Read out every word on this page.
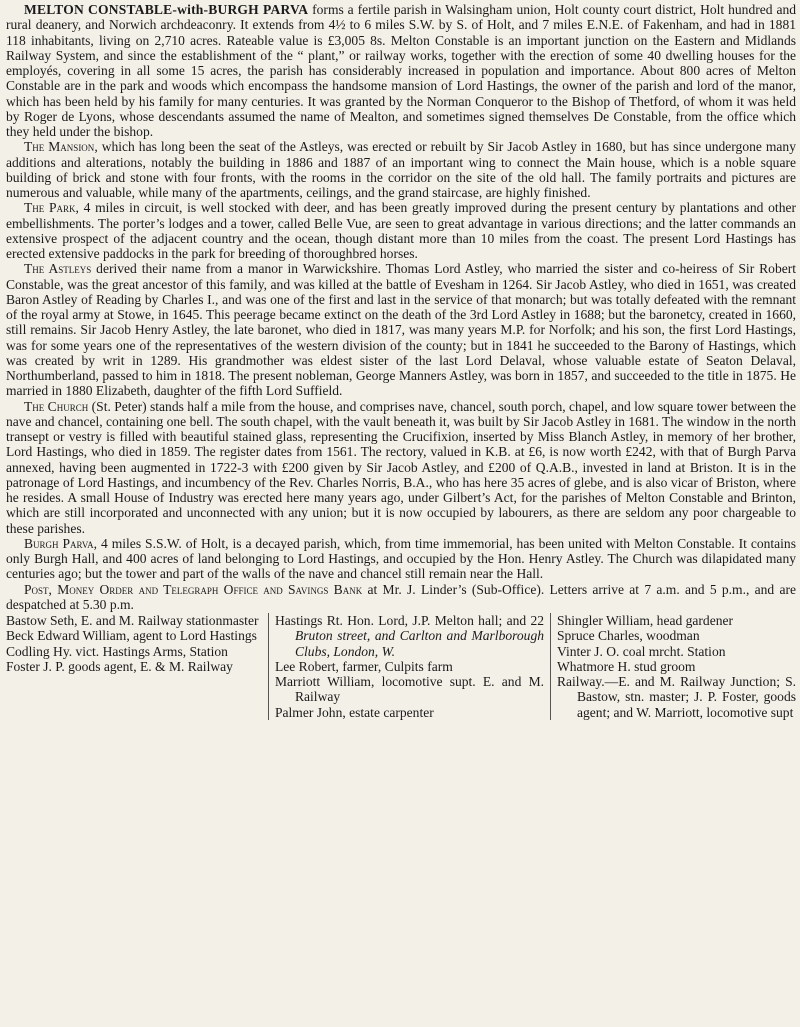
MELTON CONSTABLE-with-BURGH PARVA forms a fertile parish in Walsingham union, Holt county court district, Holt hundred and rural deanery, and Norwich archdeaconry. It extends from 4½ to 6 miles S.W. by S. of Holt, and 7 miles E.N.E. of Fakenham, and had in 1881 118 inhabitants, living on 2,710 acres. Rateable value is £3,005 8s. Melton Constable is an important junction on the Eastern and Midlands Railway System, and since the establishment of the “ plant,” or railway works, together with the erection of some 40 dwelling houses for the employés, covering in all some 15 acres, the parish has considerably increased in population and importance. About 800 acres of Melton Constable are in the park and woods which encompass the handsome mansion of Lord Hastings, the owner of the parish and lord of the manor, which has been held by his family for many centuries. It was granted by the Norman Conqueror to the Bishop of Thetford, of whom it was held by Roger de Lyons, whose descendants assumed the name of Mealton, and sometimes signed themselves De Constable, from the office which they held under the bishop.

The Mansion, which has long been the seat of the Astleys, was erected or rebuilt by Sir Jacob Astley in 1680, but has since undergone many additions and alterations, notably the building in 1886 and 1887 of an important wing to connect the Main house, which is a noble square building of brick and stone with four fronts, with the rooms in the corridor on the site of the old hall. The family portraits and pictures are numerous and valuable, while many of the apartments, ceilings, and the grand staircase, are highly finished.

The Park, 4 miles in circuit, is well stocked with deer, and has been greatly improved during the present century by plantations and other embellishments. The porter’s lodges and a tower, called Belle Vue, are seen to great advantage in various directions; and the latter commands an extensive prospect of the adjacent country and the ocean, though distant more than 10 miles from the coast. The present Lord Hastings has erected extensive paddocks in the park for breeding of thoroughbred horses.

The Astleys derived their name from a manor in Warwickshire. Thomas Lord Astley, who married the sister and co-heiress of Sir Robert Constable, was the great ancestor of this family, and was killed at the battle of Evesham in 1264. Sir Jacob Astley, who died in 1651, was created Baron Astley of Reading by Charles I., and was one of the first and last in the service of that monarch; but was totally defeated with the remnant of the royal army at Stowe, in 1645. This peerage became extinct on the death of the 3rd Lord Astley in 1688; but the baronetcy, created in 1660, still remains. Sir Jacob Henry Astley, the late baronet, who died in 1817, was many years M.P. for Norfolk; and his son, the first Lord Hastings, was for some years one of the representatives of the western division of the county; but in 1841 he succeeded to the Barony of Hastings, which was created by writ in 1289. His grandmother was eldest sister of the last Lord Delaval, whose valuable estate of Seaton Delaval, Northumberland, passed to him in 1818. The present nobleman, George Manners Astley, was born in 1857, and succeeded to the title in 1875. He married in 1880 Elizabeth, daughter of the fifth Lord Suffield.

The Church (St. Peter) stands half a mile from the house, and comprises nave, chancel, south porch, chapel, and low square tower between the nave and chancel, containing one bell. The south chapel, with the vault beneath it, was built by Sir Jacob Astley in 1681. The window in the north transept or vestry is filled with beautiful stained glass, representing the Crucifixion, inserted by Miss Blanch Astley, in memory of her brother, Lord Hastings, who died in 1859. The register dates from 1561. The rectory, valued in K.B. at £6, is now worth £242, with that of Burgh Parva annexed, having been augmented in 1722-3 with £200 given by Sir Jacob Astley, and £200 of Q.A.B., invested in land at Briston. It is in the patronage of Lord Hastings, and incumbency of the Rev. Charles Norris, B.A., who has here 35 acres of glebe, and is also vicar of Briston, where he resides. A small House of Industry was erected here many years ago, under Gilbert’s Act, for the parishes of Melton Constable and Brinton, which are still incorporated and unconnected with any union; but it is now occupied by labourers, as there are seldom any poor chargeable to these parishes.

Burgh Parva, 4 miles S.S.W. of Holt, is a decayed parish, which, from time immemorial, has been united with Melton Constable. It contains only Burgh Hall, and 400 acres of land belonging to Lord Hastings, and occupied by the Hon. Henry Astley. The Church was dilapidated many centuries ago; but the tower and part of the walls of the nave and chancel still remain near the Hall.

Post, Money Order and Telegraph Office and Savings Bank at Mr. J. Linder’s (Sub-Office). Letters arrive at 7 a.m. and 5 p.m., and are despatched at 5.30 p.m.

Bastow Seth, E. and M. Railway stationmaster
Beck Edward William, agent to Lord Hastings
Codling Hy. vict. Hastings Arms, Station
Foster J. P. goods agent, E. & M. Railway
Hastings Rt. Hon. Lord, J.P. Melton hall; and 22 Bruton street, and Carlton and Marlborough Clubs, London, W.
Lee Robert, farmer, Culpits farm
Marriott William, locomotive supt. E. and M. Railway
Palmer John, estate carpenter
Shingler William, head gardener
Spruce Charles, woodman
Vinter J. O. coal mrcht. Station
Whatmore H. stud groom
Railway.—E. and M. Railway Junction; S. Bastow, stn. master; J. P. Foster, goods agent; and W. Marriott, locomotive supt
